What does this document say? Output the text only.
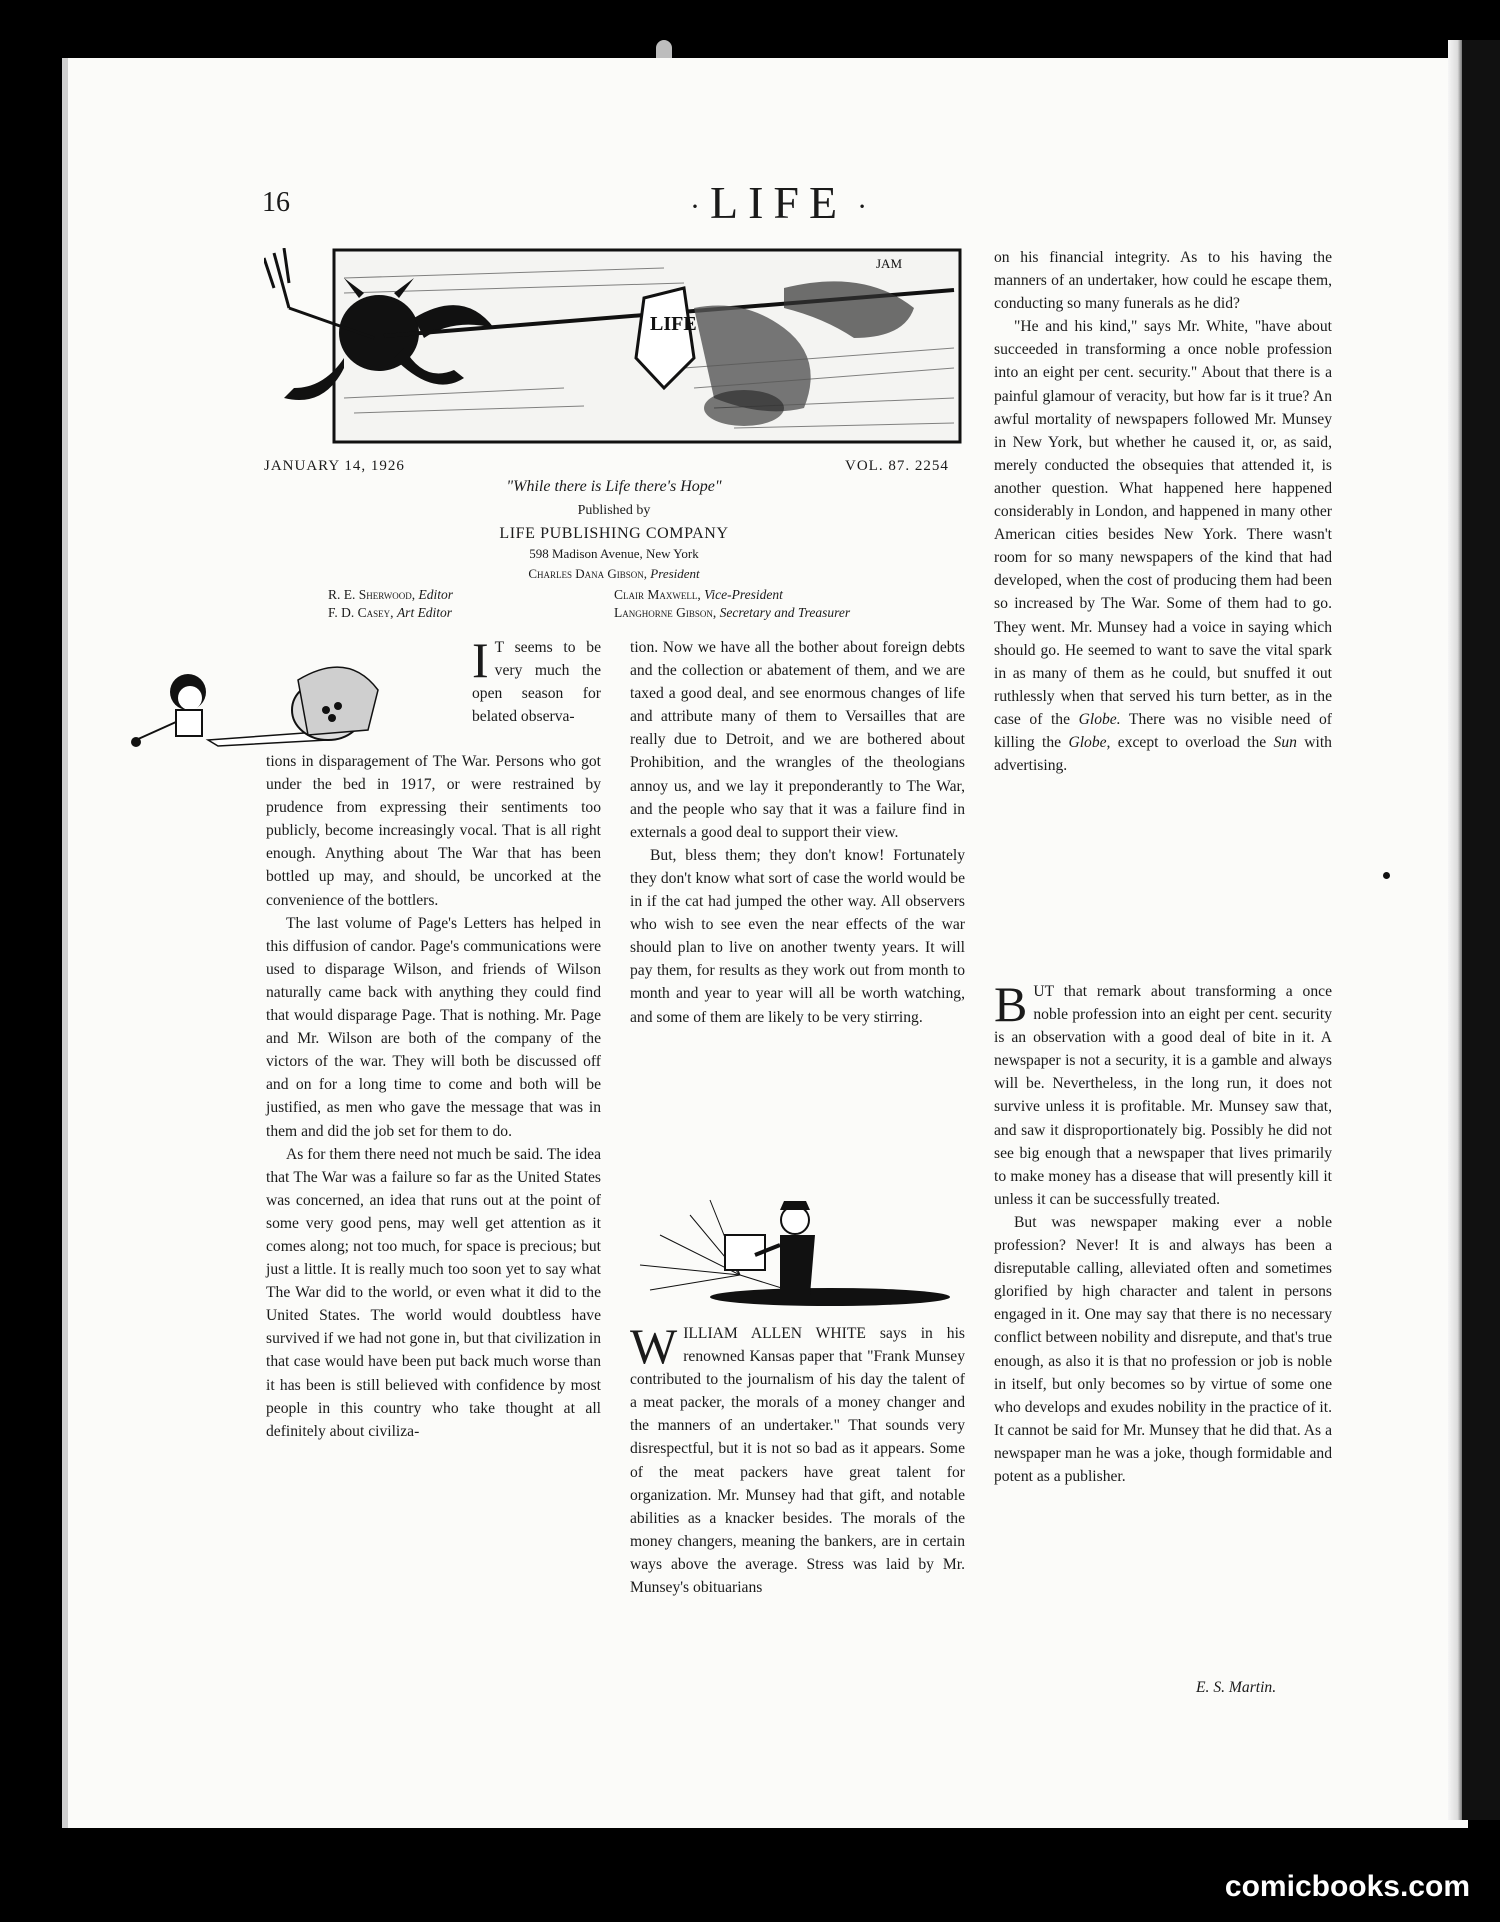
16	· LIFE ·
LIFE
JAM
JANUARY 14, 1926	VOL. 87. 2254
"While there is Life there's Hope"
Published by
LIFE PUBLISHING COMPANY
598 Madison Avenue, New York
Charles Dana Gibson, President
R. E. Sherwood, Editor
F. D. Casey, Art Editor
Clair Maxwell, Vice-President
Langhorne Gibson, Secretary and Treasurer

I T seems to be very much the open season for belated observa-

tions in disparagement of The War. Persons who got under the bed in 1917, or were restrained by prudence from expressing their sentiments too publicly, become increasingly vocal. That is all right enough. Anything about The War that has been bottled up may, and should, be uncorked at the convenience of the bottlers.

The last volume of Page's Letters has helped in this diffusion of candor. Page's communications were used to disparage Wilson, and friends of Wilson naturally came back with anything they could find that would disparage Page. That is nothing. Mr. Page and Mr. Wilson are both of the company of the victors of the war. They will both be discussed off and on for a long time to come and both will be justified, as men who gave the message that was in them and did the job set for them to do.

As for them there need not much be said. The idea that The War was a failure so far as the United States was concerned, an idea that runs out at the point of some very good pens, may well get attention as it comes along; not too much, for space is precious; but just a little. It is really much too soon yet to say what The War did to the world, or even what it did to the United States. The world would doubtless have survived if we had not gone in, but that civilization in that case would have been put back much worse than it has been is still believed with confidence by most people in this country who take thought at all definitely about civiliza-

tion. Now we have all the bother about foreign debts and the collection or abatement of them, and we are taxed a good deal, and see enormous changes of life and attribute many of them to Versailles that are really due to Detroit, and we are bothered about Prohibition, and the wrangles of the theologians annoy us, and we lay it preponderantly to The War, and the people who say that it was a failure find in externals a good deal to support their view.

But, bless them; they don't know! Fortunately they don't know what sort of case the world would be in if the cat had jumped the other way. All observers who wish to see even the near effects of the war should plan to live on another twenty years. It will pay them, for results as they work out from month to month and year to year will all be worth watching, and some of them are likely to be very stirring.

WILLIAM ALLEN WHITE says in his renowned Kansas paper that "Frank Munsey contributed to the journalism of his day the talent of a meat packer, the morals of a money changer and the manners of an undertaker." That sounds very disrespectful, but it is not so bad as it appears. Some of the meat packers have great talent for organization. Mr. Munsey had that gift, and notable abilities as a knacker besides. The morals of the money changers, meaning the bankers, are in certain ways above the average. Stress was laid by Mr. Munsey's obituarians

on his financial integrity. As to his having the manners of an undertaker, how could he escape them, conducting so many funerals as he did?

"He and his kind," says Mr. White, "have about succeeded in transforming a once noble profession into an eight per cent. security." About that there is a painful glamour of veracity, but how far is it true? An awful mortality of newspapers followed Mr. Munsey in New York, but whether he caused it, or, as said, merely conducted the obsequies that attended it, is another question. What happened here happened considerably in London, and happened in many other American cities besides New York. There wasn't room for so many newspapers of the kind that had developed, when the cost of producing them had been so increased by The War. Some of them had to go. They went. Mr. Munsey had a voice in saying which should go. He seemed to want to save the vital spark in as many of them as he could, but snuffed it out ruthlessly when that served his turn better, as in the case of the Globe. There was no visible need of killing the Globe, except to overload the Sun with advertising.

BUT that remark about transforming a once noble profession into an eight per cent. security is an observation with a good deal of bite in it. A newspaper is not a security, it is a gamble and always will be. Nevertheless, in the long run, it does not survive unless it is profitable. Mr. Munsey saw that, and saw it disproportionately big. Possibly he did not see big enough that a newspaper that lives primarily to make money has a disease that will presently kill it unless it can be successfully treated.

But was newspaper making ever a noble profession? Never! It is and always has been a disreputable calling, alleviated often and sometimes glorified by high character and talent in persons engaged in it. One may say that there is no necessary conflict between nobility and disrepute, and that's true enough, as also it is that no profession or job is noble in itself, but only becomes so by virtue of some one who develops and exudes nobility in the practice of it. It cannot be said for Mr. Munsey that he did that. As a newspaper man he was a joke, though formidable and potent as a publisher.

E. S. Martin.
comicbooks.com
